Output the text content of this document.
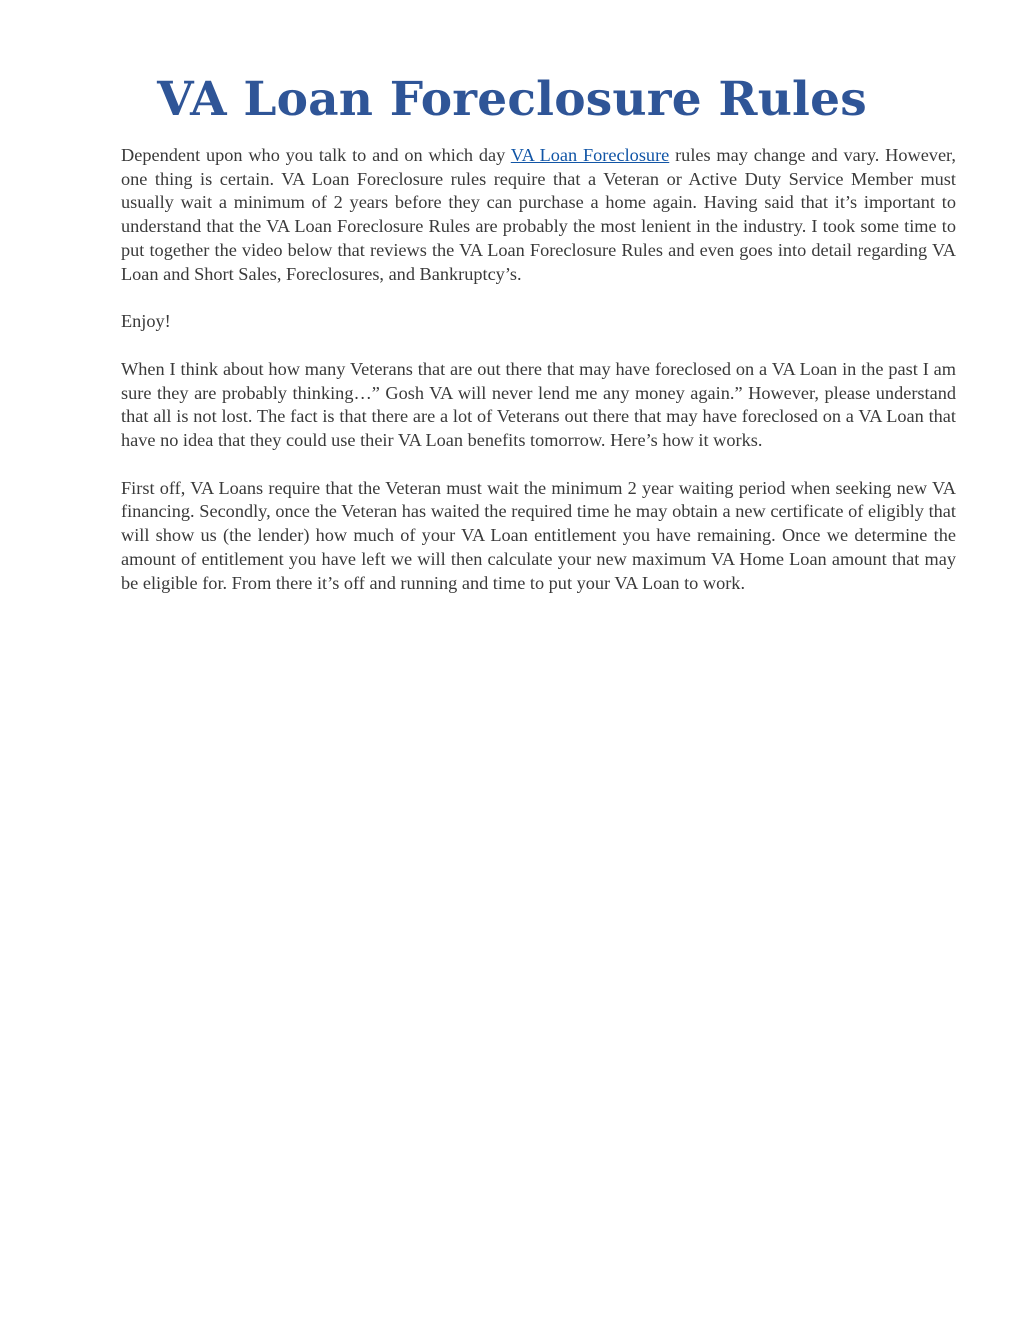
VA Loan Foreclosure Rules

Dependent upon who you talk to and on which day VA Loan Foreclosure rules may change and vary. However, one thing is certain. VA Loan Foreclosure rules require that a Veteran or Active Duty Service Member must usually wait a minimum of 2 years before they can purchase a home again. Having said that it’s important to understand that the VA Loan Foreclosure Rules are probably the most lenient in the industry. I took some time to put together the video below that reviews the VA Loan Foreclosure Rules and even goes into detail regarding VA Loan and Short Sales, Foreclosures, and Bankruptcy’s.

Enjoy!

When I think about how many Veterans that are out there that may have foreclosed on a VA Loan in the past I am sure they are probably thinking…” Gosh VA will never lend me any money again.” However, please understand that all is not lost. The fact is that there are a lot of Veterans out there that may have foreclosed on a VA Loan that have no idea that they could use their VA Loan benefits tomorrow. Here’s how it works.

First off, VA Loans require that the Veteran must wait the minimum 2 year waiting period when seeking new VA financing. Secondly, once the Veteran has waited the required time he may obtain a new certificate of eligibly that will show us (the lender) how much of your VA Loan entitlement you have remaining. Once we determine the amount of entitlement you have left we will then calculate your new maximum VA Home Loan amount that may be eligible for. From there it’s off and running and time to put your VA Loan to work.
